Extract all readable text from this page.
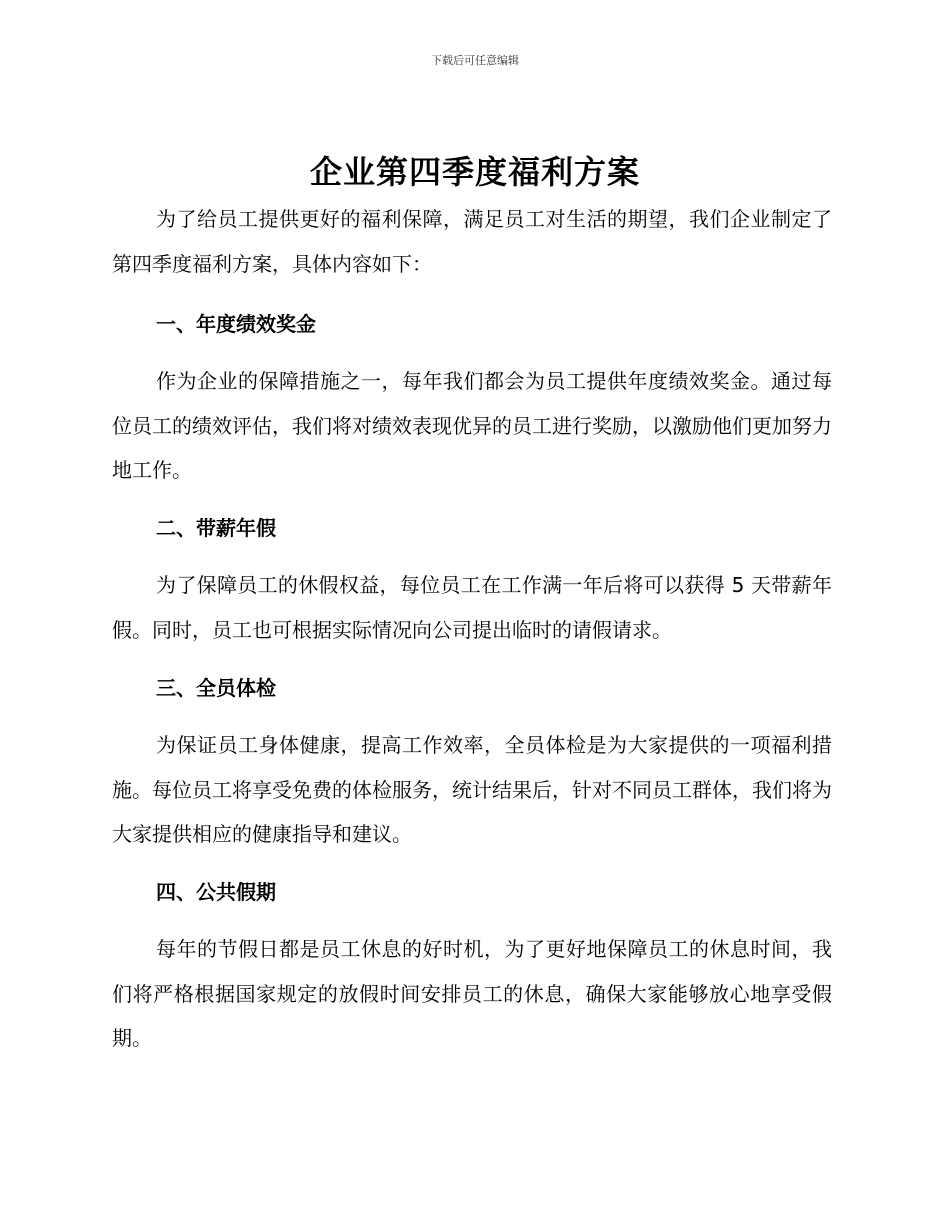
下载后可任意编辑
企业第四季度福利方案

为了给员工提供更好的福利保障，满足员工对生活的期望，我们企业制定了第四季度福利方案，具体内容如下：

一、年度绩效奖金

作为企业的保障措施之一，每年我们都会为员工提供年度绩效奖金。通过每位员工的绩效评估，我们将对绩效表现优异的员工进行奖励，以激励他们更加努力地工作。

二、带薪年假

为了保障员工的休假权益，每位员工在工作满一年后将可以获得 5 天带薪年假。同时，员工也可根据实际情况向公司提出临时的请假请求。

三、全员体检

为保证员工身体健康，提高工作效率，全员体检是为大家提供的一项福利措施。每位员工将享受免费的体检服务，统计结果后，针对不同员工群体，我们将为大家提供相应的健康指导和建议。

四、公共假期

每年的节假日都是员工休息的好时机，为了更好地保障员工的休息时间，我们将严格根据国家规定的放假时间安排员工的休息，确保大家能够放心地享受假期。
